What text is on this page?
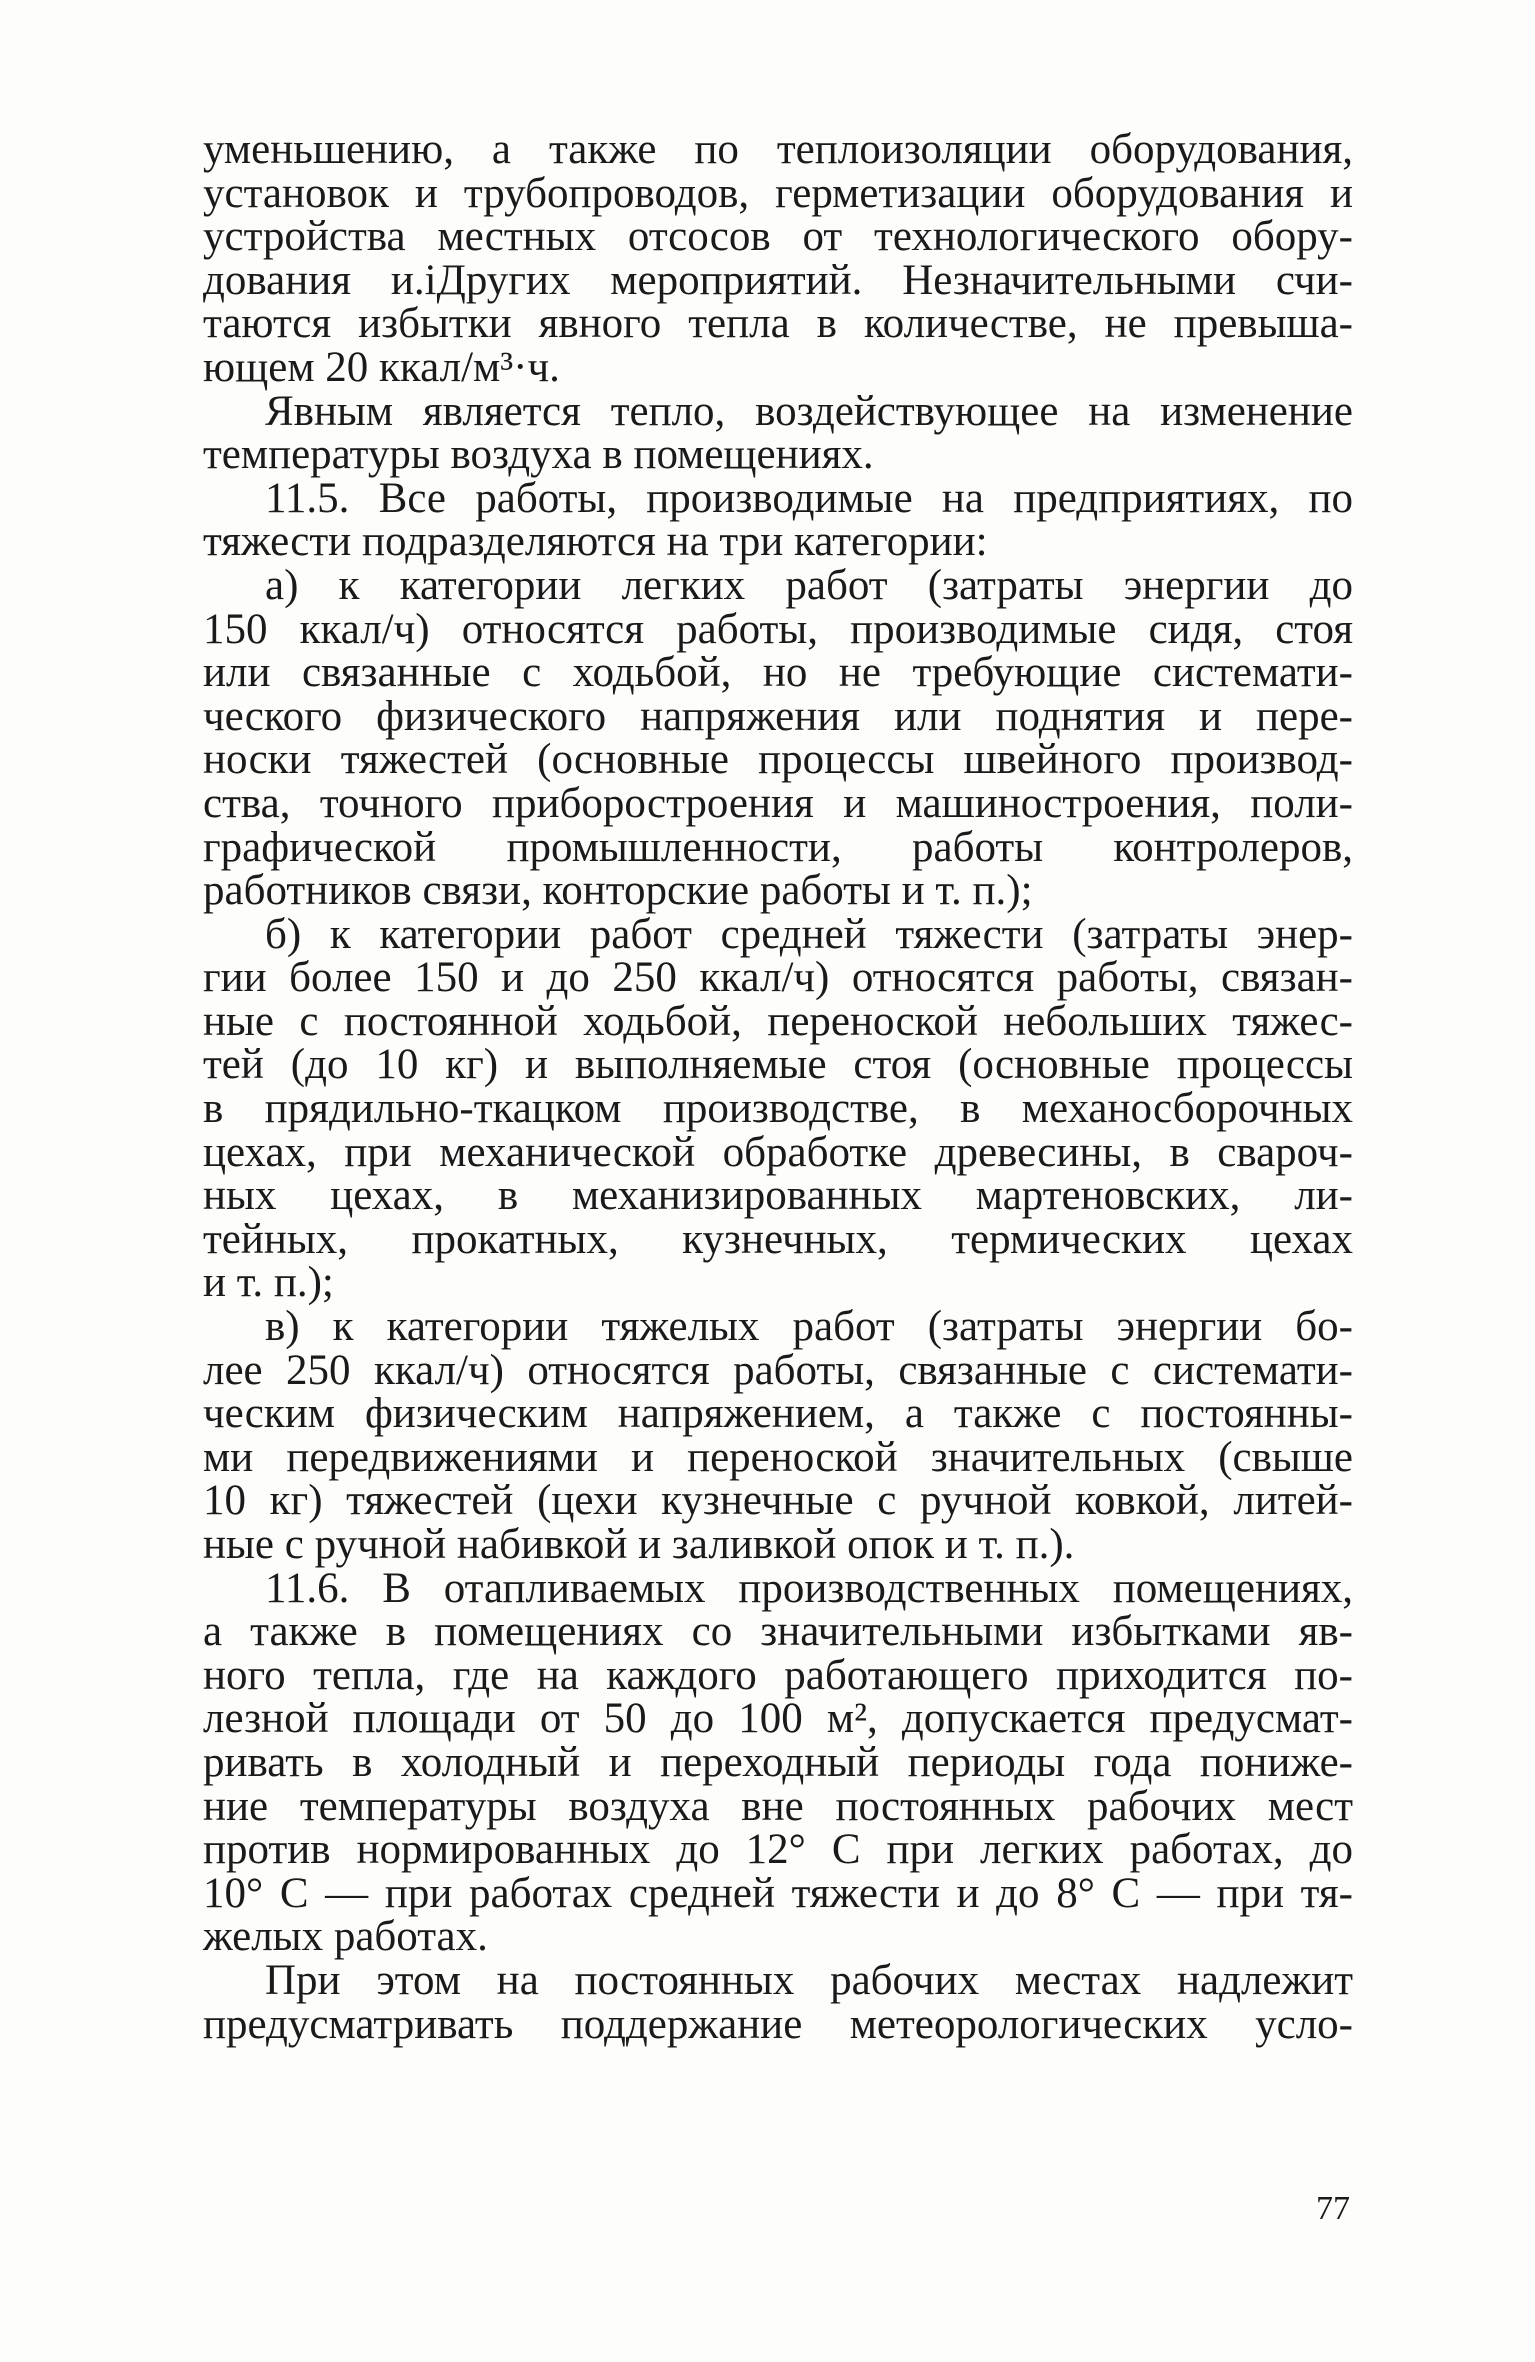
уменьшению, а также по теплоизоляции оборудования,
установок и трубопроводов, герметизации оборудования и
устройства местных отсосов от технологического обору-
дования и.іДругих мероприятий. Незначительными счи-
таются избытки явного тепла в количестве, не превыша-
ющем 20 ккал/м³·ч.
Явным является тепло, воздействующее на изменение
температуры воздуха в помещениях.
11.5. Все работы, производимые на предприятиях, по
тяжести подразделяются на три категории:
а) к категории легких работ (затраты энергии до
150 ккал/ч) относятся работы, производимые сидя, стоя
или связанные с ходьбой, но не требующие системати-
ческого физического напряжения или поднятия и пере-
носки тяжестей (основные процессы швейного производ-
ства, точного приборостроения и машиностроения, поли-
графической промышленности, работы контролеров,
работников связи, конторские работы и т. п.);
б) к категории работ средней тяжести (затраты энер-
гии более 150 и до 250 ккал/ч) относятся работы, связан-
ные с постоянной ходьбой, переноской небольших тяжес-
тей (до 10 кг) и выполняемые стоя (основные процессы
в прядильно-ткацком производстве, в механосборочных
цехах, при механической обработке древесины, в свароч-
ных цехах, в механизированных мартеновских, ли-
тейных, прокатных, кузнечных, термических цехах
и т. п.);
в) к категории тяжелых работ (затраты энергии бо-
лее 250 ккал/ч) относятся работы, связанные с системати-
ческим физическим напряжением, а также с постоянны-
ми передвижениями и переноской значительных (свыше
10 кг) тяжестей (цехи кузнечные с ручной ковкой, литей-
ные с ручной набивкой и заливкой опок и т. п.).
11.6. В отапливаемых производственных помещениях,
а также в помещениях со значительными избытками яв-
ного тепла, где на каждого работающего приходится по-
лезной площади от 50 до 100 м², допускается предусмат-
ривать в холодный и переходный периоды года пониже-
ние температуры воздуха вне постоянных рабочих мест
против нормированных до 12° С при легких работах, до
10° С — при работах средней тяжести и до 8° С — при тя-
желых работах.
При этом на постоянных рабочих местах надлежит
предусматривать поддержание метеорологических усло-
77
